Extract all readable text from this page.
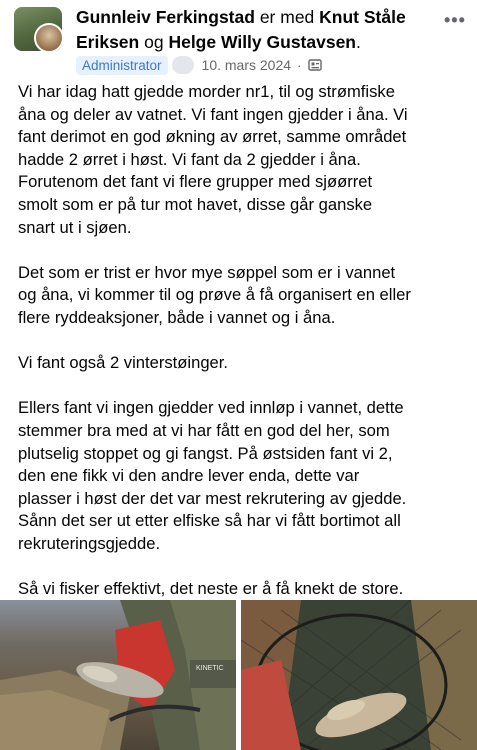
Gunnleiv Ferkingstad er med Knut Ståle Eriksen og Helge Willy Gustavsen.
•••
Administrator	10. mars 2024 ·

Vi har idag hatt gjedde morder nr1, til og strømfiske
åna og deler av vatnet. Vi fant ingen gjedder i åna. Vi
fant derimot en god økning av ørret, samme området
hadde 2 ørret i høst. Vi fant da 2 gjedder i åna.
Forutenom det fant vi flere grupper med sjøørret
smolt som er på tur mot havet, disse går ganske
snart ut i sjøen.

Det som er trist er hvor mye søppel som er i vannet
og åna, vi kommer til og prøve å få organisert en eller
flere ryddeaksjoner, både i vannet og i åna.

Vi fant også 2 vinterstøinger.

Ellers fant vi ingen gjedder ved innløp i vannet, dette
stemmer bra med at vi har fått en god del her, som
plutselig stoppet og gi fangst. På østsiden fant vi 2,
den ene fikk vi den andre lever enda, dette var
plasser i høst der det var mest rekrutering av gjedde.
Sånn det ser ut etter elfiske så har vi fått bortimot all
rekruteringsgjedde.

Så vi fisker effektivt, det neste er å få knekt de store.

KINETIC
